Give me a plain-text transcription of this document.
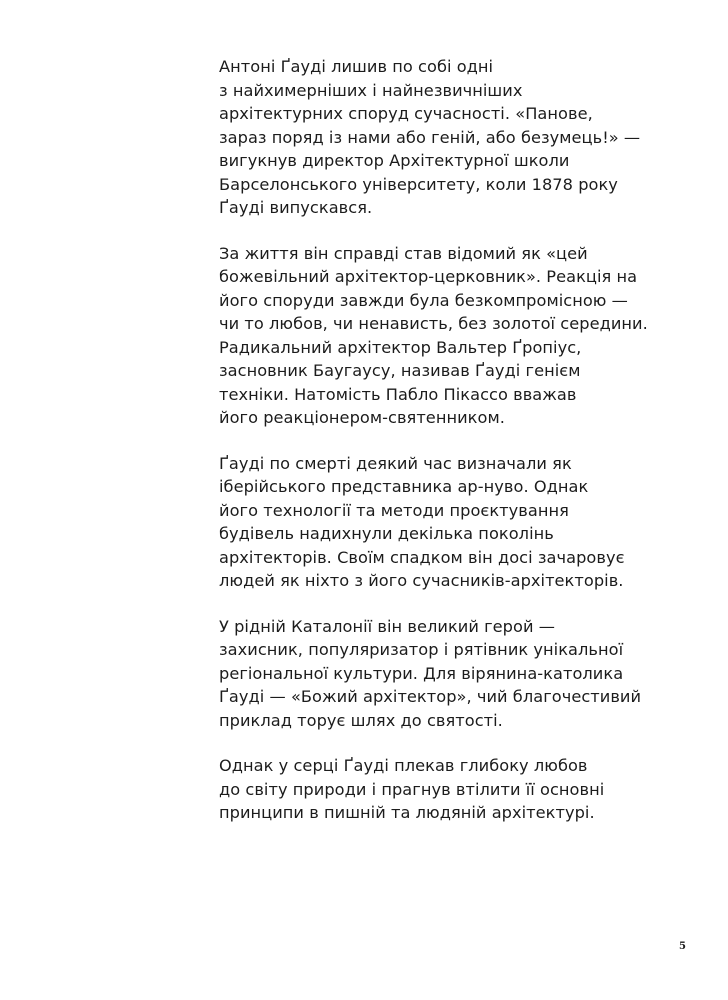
Антоні Ґауді лишив по собі одні
з найхимерніших і найнезвичніших
архітектурних споруд сучасності. «Панове,
зараз поряд із нами або геній, або безумець!» —
вигукнув директор Архітектурної школи
Барселонського університету, коли 1878 року
Ґауді випускався.

За життя він справді став відомий як «цей
божевільний архітектор-церковник». Реакція на
його споруди завжди була безкомпромісною —
чи то любов, чи ненависть, без золотої середини.
Радикальний архітектор Вальтер Ґропіус,
засновник Баугаусу, називав Ґауді генієм
техніки. Натомість Пабло Пікассо вважав
його реакціонером-святенником.

Ґауді по смерті деякий час визначали як
іберійського представника ар-нуво. Однак
його технології та методи проєктування
будівель надихнули декілька поколінь
архітекторів. Своїм спадком він досі зачаровує
людей як ніхто з його сучасників-архітекторів.

У рідній Каталонії він великий герой —
захисник, популяризатор і рятівник унікальної
регіональної культури. Для вірянина-католика
Ґауді — «Божий архітектор», чий благочестивий
приклад торує шлях до святості.

Однак у серці Ґауді плекав глибоку любов
до світу природи і прагнув втілити її основні
принципи в пишній та людяній архітектурі.

5
